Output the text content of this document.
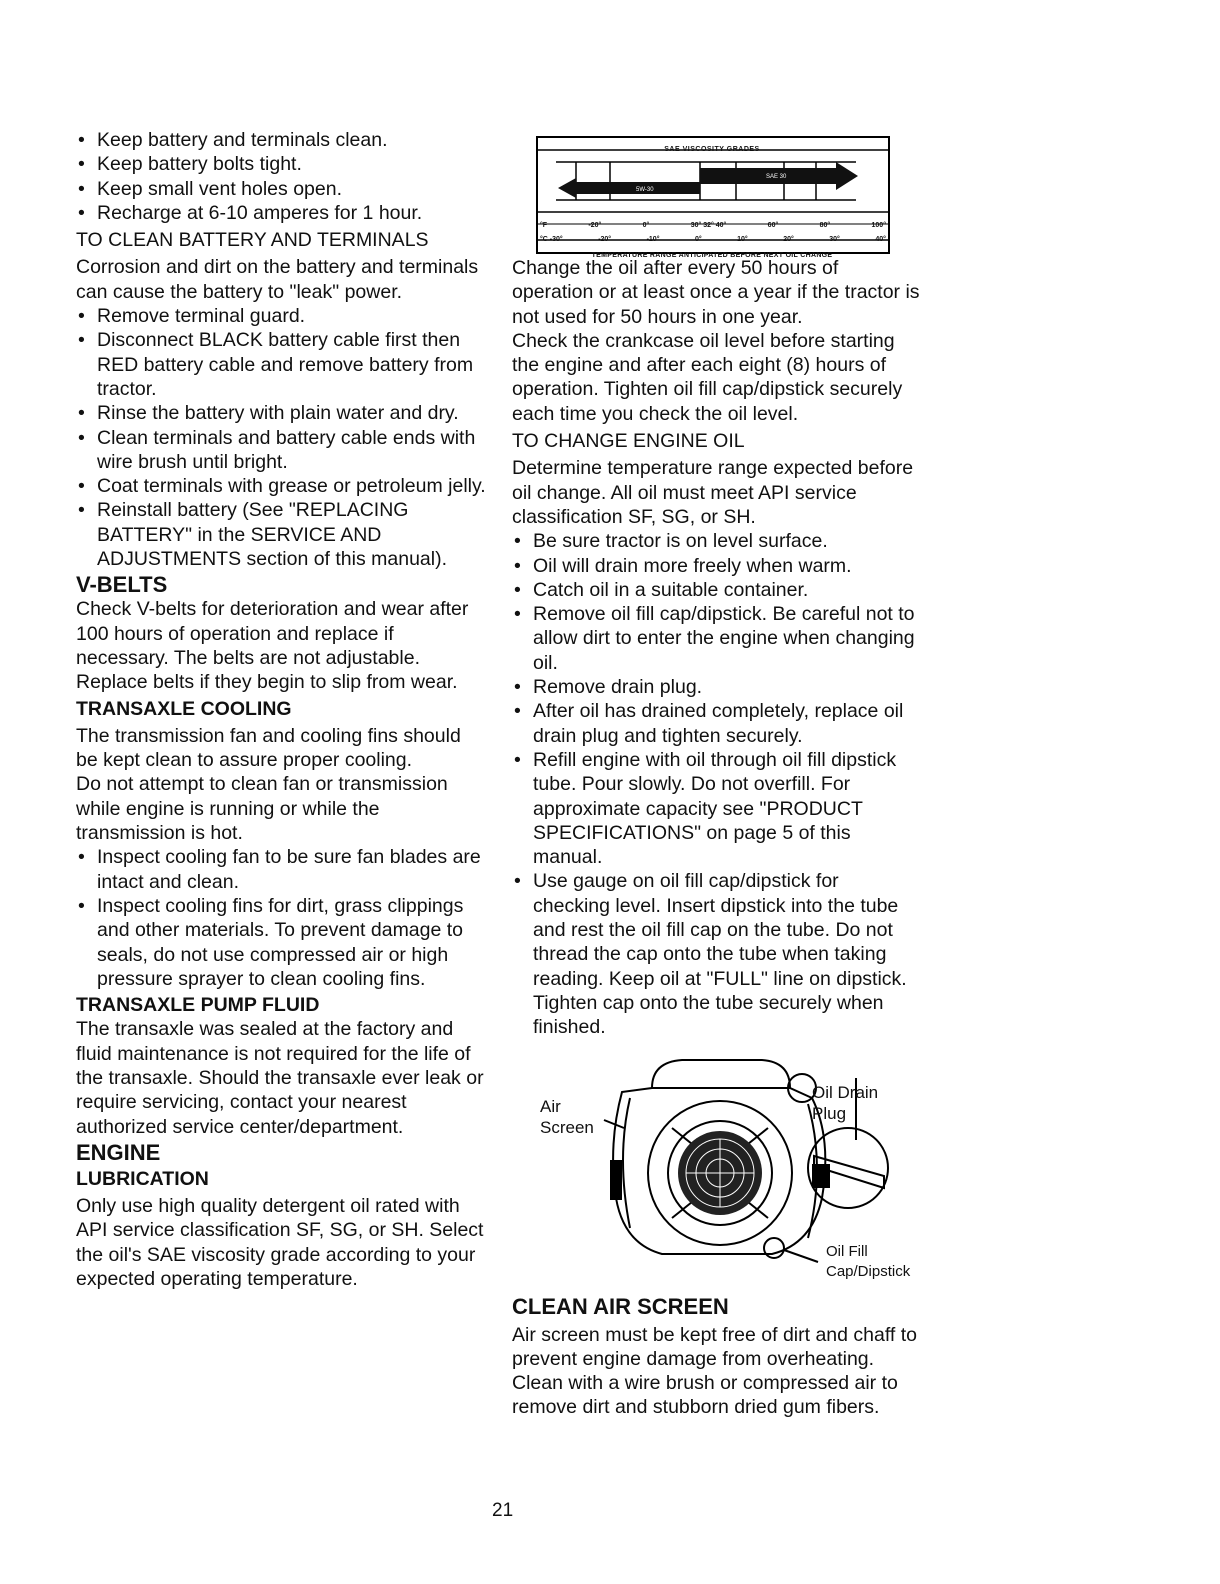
• Keep battery and terminals clean.
• Keep battery bolts tight.
• Keep small vent holes open.
• Recharge at 6-10 amperes for 1 hour.

TO CLEAN BATTERY AND TERMINALS

Corrosion and dirt on the battery and terminals can cause the battery to "leak" power.

• Remove terminal guard.
• Disconnect BLACK battery cable first then RED battery cable and remove battery from tractor.
• Rinse the battery with plain water and dry.
• Clean terminals and battery cable ends with wire brush until bright.
• Coat terminals with grease or petroleum jelly.
• Reinstall battery (See "REPLACING BATTERY" in the SERVICE AND ADJUSTMENTS section of this manual).

V-BELTS

Check V-belts for deterioration and wear after 100 hours of operation and replace if necessary. The belts are not adjustable. Replace belts if they begin to slip from wear.

TRANSAXLE COOLING

The transmission fan and cooling fins should be kept clean to assure proper cooling.

Do not attempt to clean fan or transmission while engine is running or while the transmission is hot.

• Inspect cooling fan to be sure fan blades are intact and clean.
• Inspect cooling fins for dirt, grass clippings and other materials. To prevent damage to seals, do not use compressed air or high pressure sprayer to clean cooling fins.

TRANSAXLE PUMP FLUID

The transaxle was sealed at the factory and fluid maintenance is not required for the life of the transaxle. Should the transaxle ever leak or require servicing, contact your nearest authorized service center/department.

ENGINE

LUBRICATION

Only use high quality detergent oil rated with API service classification SF, SG, or SH. Select the oil's SAE viscosity grade according to your expected operating temperature.

5W-30
SAE 30
SAE VISCOSITY GRADES
°F	-20°	0°	30° 32° 40°	60°	80°	100°
°C -30°	-20°	-10°	0°	10°	20°	30°	40°
TEMPERATURE RANGE ANTICIPATED BEFORE NEXT OIL CHANGE

Change the oil after every 50 hours of operation or at least once a year if the tractor is not used for 50 hours in one year.

Check the crankcase oil level before starting the engine and after each eight (8) hours of operation. Tighten oil fill cap/dipstick securely each time you check the oil level.

TO CHANGE ENGINE OIL

Determine temperature range expected before oil change. All oil must meet API service classification SF, SG, or SH.

• Be sure tractor is on level surface.
• Oil will drain more freely when warm.
• Catch oil in a suitable container.
• Remove oil fill cap/dipstick. Be careful not to allow dirt to enter the engine when changing oil.
• Remove drain plug.
• After oil has drained completely, replace oil drain plug and tighten securely.
• Refill engine with oil through oil fill dipstick tube. Pour slowly. Do not overfill. For approximate capacity see "PRODUCT SPECIFICATIONS" on page 5 of this manual.
• Use gauge on oil fill cap/dipstick for checking level. Insert dipstick into the tube and rest the oil fill cap on the tube. Do not thread the cap onto the tube when taking reading. Keep oil at "FULL" line on dipstick. Tighten cap onto the tube securely when finished.
Air Screen
Oil Drain Plug
Oil Fill Cap/Dipstick

CLEAN AIR SCREEN

Air screen must be kept free of dirt and chaff to prevent engine damage from overheating. Clean with a wire brush or compressed air to remove dirt and stubborn dried gum fibers.

21
